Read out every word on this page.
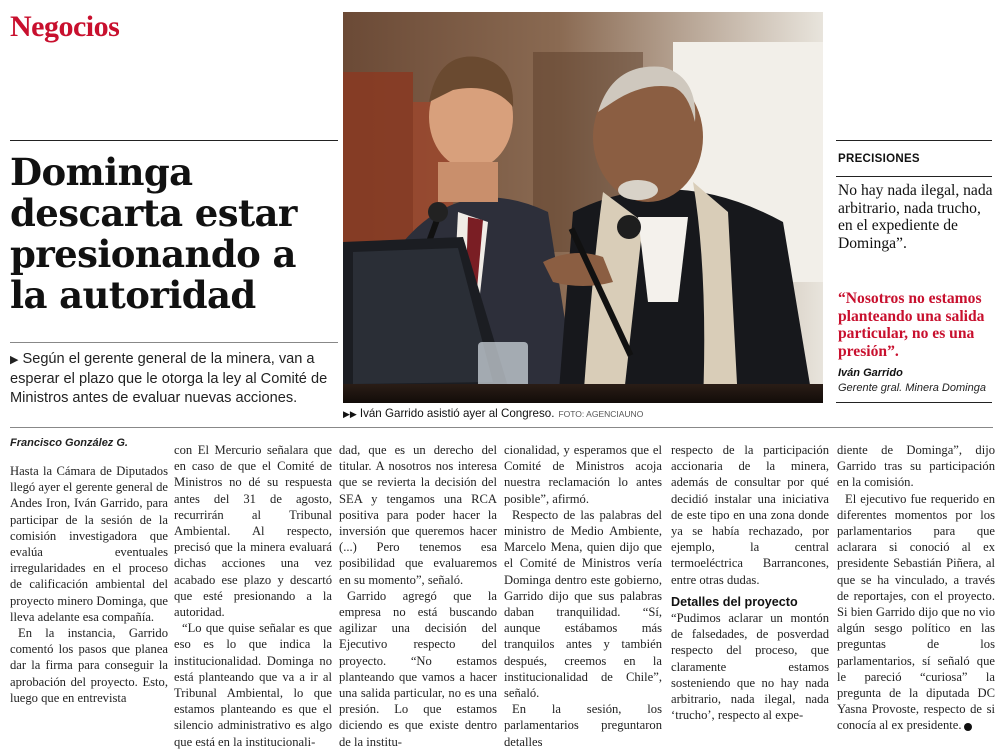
Negocios
Dominga descarta estar presionando a la autoridad
▶ Según el gerente general de la minera, van a esperar el plazo que le otorga la ley al Comité de Ministros antes de evaluar nuevas acciones.
▶▶ Iván Garrido asistió ayer al Congreso. FOTO: AGENCIAUNO
PRECISIONES
No hay nada ilegal, nada arbitrario, nada trucho, en el expediente de Dominga”.
“Nosotros no estamos planteando una salida particular, no es una presión”.
Iván Garrido
Gerente gral. Minera Dominga
Francisco González G.

Hasta la Cámara de Diputados llegó ayer el gerente general de Andes Iron, Iván Garrido, para participar de la sesión de la comisión investigadora que evalúa eventuales irregularidades en el proceso de calificación ambiental del proyecto minero Dominga, que lleva adelante esa compañía.

En la instancia, Garrido comentó los pasos que planea dar la firma para conseguir la aprobación del proyecto. Esto, luego que en entrevista

con El Mercurio señalara que en caso de que el Comité de Ministros no dé su respuesta antes del 31 de agosto, recurrirán al Tribunal Ambiental. Al respecto, precisó que la minera evaluará dichas acciones una vez acabado ese plazo y descartó que esté presionando a la autoridad.

“Lo que quise señalar es que eso es lo que indica la institucionalidad. Dominga no está planteando que va a ir al Tribunal Ambiental, lo que estamos planteando es que el silencio administrativo es algo que está en la institucionali-

dad, que es un derecho del titular. A nosotros nos interesa que se revierta la decisión del SEA y tengamos una RCA positiva para poder hacer la inversión que queremos hacer (...) Pero tenemos esa posibilidad que evaluaremos en su momento”, señaló.

Garrido agregó que la empresa no está buscando agilizar una decisión del Ejecutivo respecto del proyecto. “No estamos planteando que vamos a hacer una salida particular, no es una presión. Lo que estamos diciendo es que existe dentro de la institu-

cionalidad, y esperamos que el Comité de Ministros acoja nuestra reclamación lo antes posible”, afirmó.

Respecto de las palabras del ministro de Medio Ambiente, Marcelo Mena, quien dijo que el Comité de Ministros vería Dominga dentro este gobierno, Garrido dijo que sus palabras daban tranquilidad. “Sí, aunque estábamos más tranquilos antes y también después, creemos en la institucionalidad de Chile”, señaló.

En la sesión, los parlamentarios preguntaron detalles

respecto de la participación accionaria de la minera, además de consultar por qué decidió instalar una iniciativa de este tipo en una zona donde ya se había rechazado, por ejemplo, la central termoeléctrica Barrancones, entre otras dudas.

Detalles del proyecto

“Pudimos aclarar un montón de falsedades, de posverdad respecto del proceso, que claramente estamos sosteniendo que no hay nada arbitrario, nada ilegal, nada ‘trucho’, respecto al expe-

diente de Dominga”, dijo Garrido tras su participación en la comisión.

El ejecutivo fue requerido en diferentes momentos por los parlamentarios para que aclarara si conoció al ex presidente Sebastián Piñera, al que se ha vinculado, a través de reportajes, con el proyecto. Si bien Garrido dijo que no vio algún sesgo político en las preguntas de los parlamentarios, sí señaló que le pareció “curiosa” la pregunta de la diputada DC Yasna Provoste, respecto de si conocía al ex presidente.
